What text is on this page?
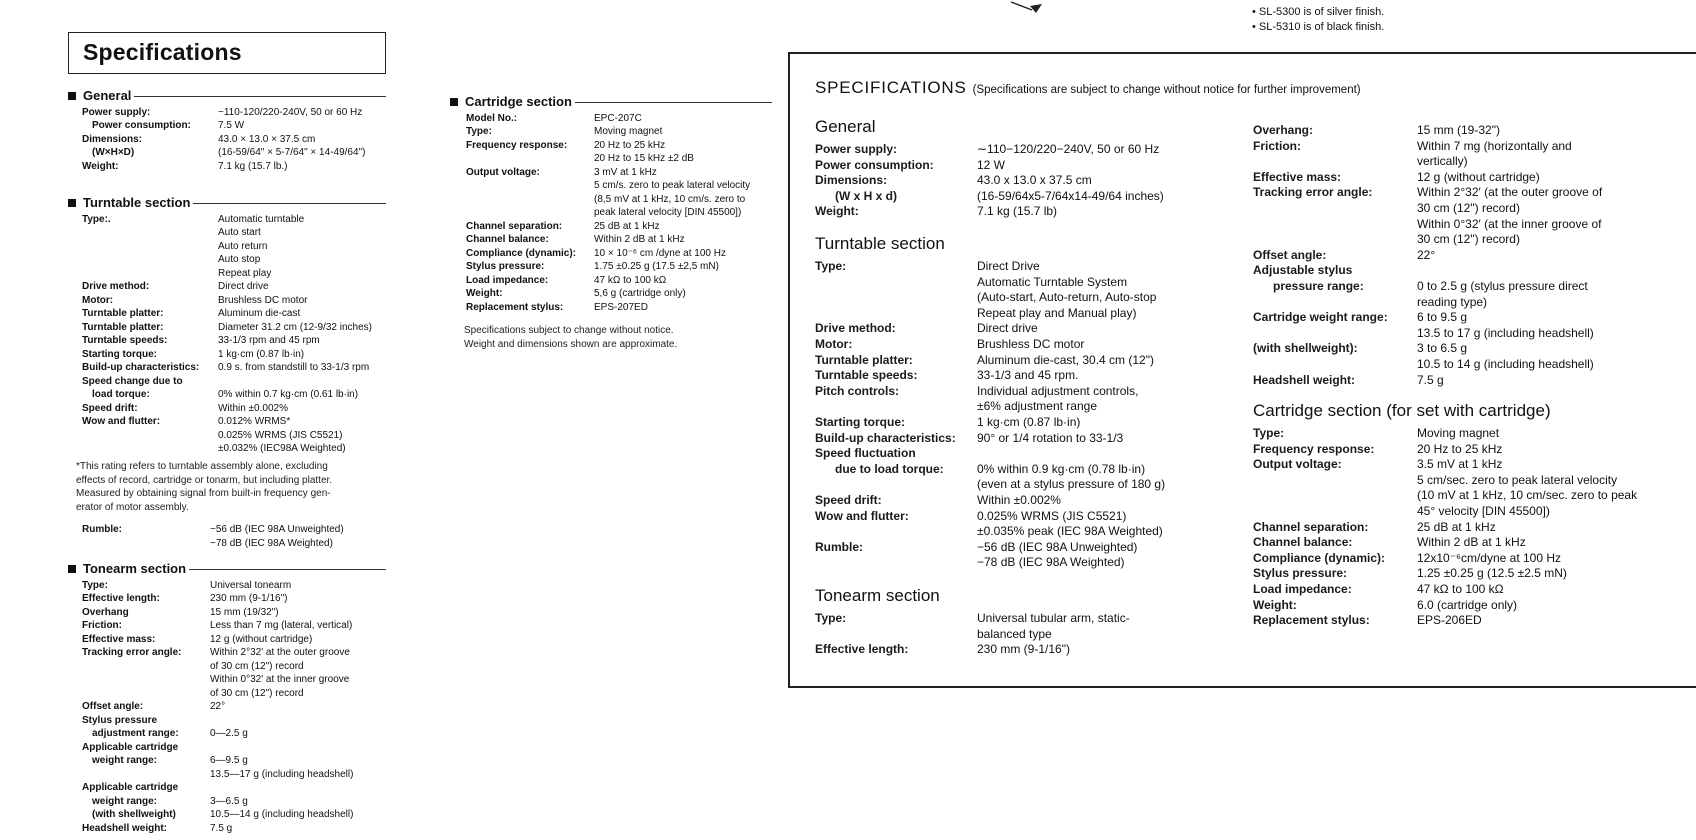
Specifications
General
Power supply:	~110-120/220-240V, 50 or 60 Hz
Power consumption:	7.5 W
Dimensions:	43.0 × 13.0 × 37.5 cm
(W×H×D)	(16-59/64" × 5-7/64" × 14-49/64")
Weight:	7.1 kg (15.7 lb.)
Turntable section
Type:.	Automatic turntable
Auto start
Auto return
Auto stop
Repeat play
Drive method:	Direct drive
Motor:	Brushless DC motor
Turntable platter:	Aluminum die-cast
Turntable platter:	Diameter 31.2 cm (12-9/32 inches)
Turntable speeds:	33-1/3 rpm and 45 rpm
Starting torque:	1 kg·cm (0.87 lb·in)
Build-up characteristics:	0.9 s. from standstill to 33-1/3 rpm
Speed change due to

load torque:	0% within 0.7 kg·cm (0.61 lb·in)
Speed drift:	Within ±0.002%
Wow and flutter:	0.012% WRMS*
0.025% WRMS (JIS C5521)
±0.032% (IEC98A Weighted)
*This rating refers to turntable assembly alone, excluding
effects of record, cartridge or tonarm, but including platter.
Measured by obtaining signal from built-in frequency gen-
erator of motor assembly.
Rumble:	−56 dB (IEC 98A Unweighted)
−78 dB (IEC 98A Weighted)
Tonearm section
Type:	Universal tonearm
Effective length:	230 mm (9-1/16")
Overhang	15 mm (19/32")
Friction:	Less than 7 mg (lateral, vertical)
Effective mass:	12 g (without cartridge)
Tracking error angle:	Within 2°32' at the outer groove
of 30 cm (12") record
Within 0°32' at the inner groove
of 30 cm (12") record
Offset angle:	22°
Stylus pressure

adjustment range:	0—2.5 g
Applicable cartridge

weight range:	6—9.5 g
13.5—17 g (including headshell)
Applicable cartridge

weight range:	3—6.5 g
(with shellweight)	10.5—14 g (including headshell)
Headshell weight:	7.5 g
Cartridge section
Model No.:	EPC-207C
Type:	Moving magnet
Frequency response:	20 Hz to 25 kHz
20 Hz to 15 kHz ±2 dB
Output voltage:	3 mV at 1 kHz
5 cm/s. zero to peak lateral velocity
(8,5 mV at 1 kHz, 10 cm/s. zero to
peak lateral velocity [DIN 45500])
Channel separation:	25 dB at 1 kHz
Channel balance:	Within 2 dB at 1 kHz
Compliance (dynamic):	10 × 10⁻⁶ cm /dyne at 100 Hz
Stylus pressure:	1.75 ±0.25 g (17.5 ±2,5 mN)
Load impedance:	47 kΩ to 100 kΩ
Weight:	5,6 g (cartridge only)
Replacement stylus:	EPS-207ED
Specifications subject to change without notice.
Weight and dimensions shown are approximate.
• SL-5300 is of silver finish.
• SL-5310 is of black finish.
SPECIFICATIONS (Specifications are subject to change without notice for further improvement)
General
Power supply:	∼110−120/220−240V, 50 or 60 Hz
Power consumption:	12 W
Dimensions:	43.0 x 13.0 x 37.5 cm
(W x H x d)	(16-59/64x5-7/64x14-49/64 inches)
Weight:	7.1 kg (15.7 lb)
Turntable section
Type:	Direct Drive
Automatic Turntable System
(Auto-start, Auto-return, Auto-stop
Repeat play and Manual play)
Drive method:	Direct drive
Motor:	Brushless DC motor
Turntable platter:	Aluminum die-cast, 30.4 cm (12")
Turntable speeds:	33-1/3 and 45 rpm.
Pitch controls:	Individual adjustment controls,
±6% adjustment range
Starting torque:	1 kg·cm (0.87 lb·in)
Build-up characteristics:	90° or 1/4 rotation to 33-1/3
Speed fluctuation

due to load torque:	0% within 0.9 kg·cm (0.78 lb·in)
(even at a stylus pressure of 180 g)
Speed drift:	Within ±0.002%
Wow and flutter:	0.025% WRMS (JIS C5521)
±0.035% peak (IEC 98A Weighted)
Rumble:	−56 dB (IEC 98A Unweighted)
−78 dB (IEC 98A Weighted)
Tonearm section
Type:	Universal tubular arm, static-
balanced type
Effective length:	230 mm (9-1/16")
Overhang:	15 mm (19-32")
Friction:	Within 7 mg (horizontally and
vertically)
Effective mass:	12 g (without cartridge)
Tracking error angle:	Within 2°32′ (at the outer groove of
30 cm (12") record)
Within 0°32′ (at the inner groove of
30 cm (12") record)
Offset angle:	22°
Adjustable stylus

pressure range:	0 to 2.5 g (stylus pressure direct
reading type)
Cartridge weight range:	6 to 9.5 g
13.5 to 17 g (including headshell)
(with shellweight):	3 to 6.5 g
10.5 to 14 g (including headshell)
Headshell weight:	7.5 g
Cartridge section (for set with cartridge)
Type:	Moving magnet
Frequency response:	20 Hz to 25 kHz
Output voltage:	3.5 mV at 1 kHz
5 cm/sec. zero to peak lateral velocity
(10 mV at 1 kHz, 10 cm/sec. zero to peak
45° velocity [DIN 45500])
Channel separation:	25 dB at 1 kHz
Channel balance:	Within 2 dB at 1 kHz
Compliance (dynamic):	12x10⁻⁶cm/dyne at 100 Hz
Stylus pressure:	1.25 ±0.25 g (12.5 ±2.5 mN)
Load impedance:	47 kΩ to 100 kΩ
Weight:	6.0 (cartridge only)
Replacement stylus:	EPS-206ED
